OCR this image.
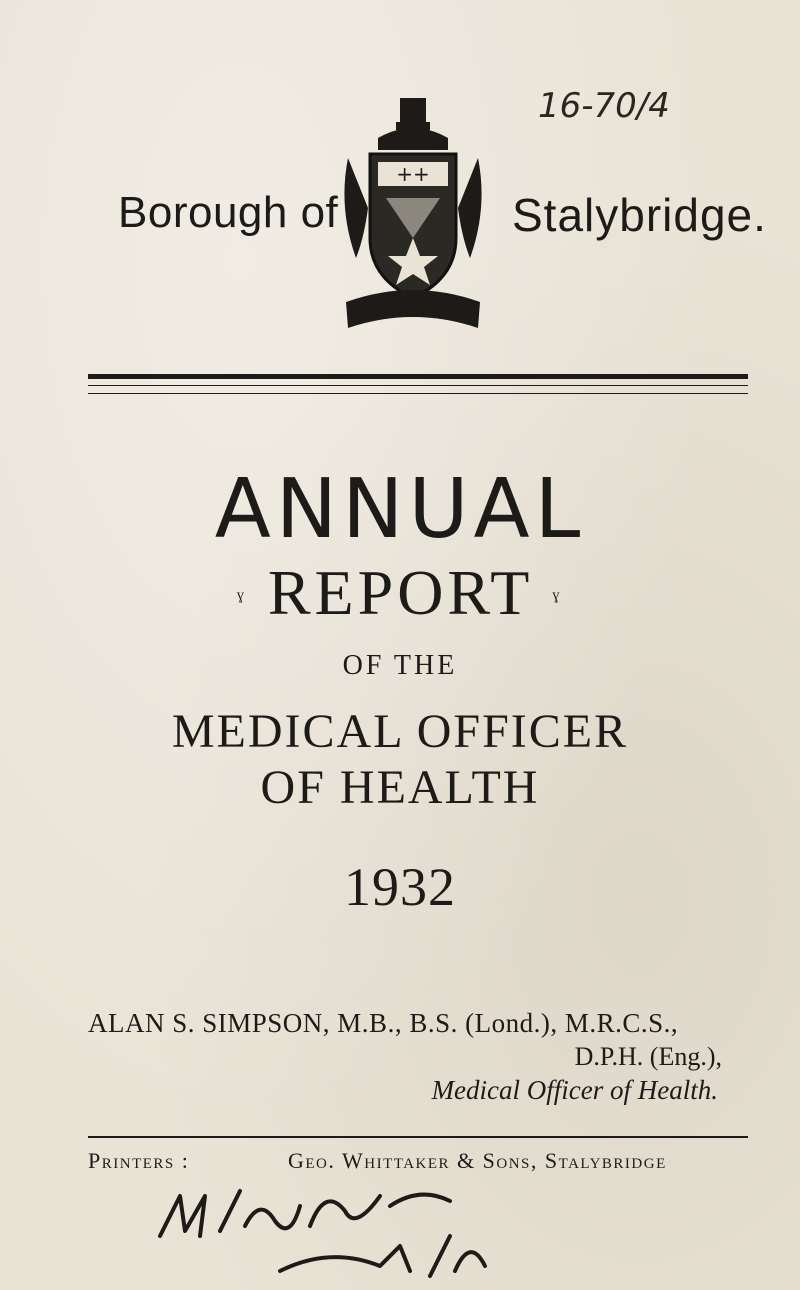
Borough of
++
16-70/4
Stalybridge.
ANNUAL
ˠ REPORT ˠ
OF THE
MEDICAL OFFICER
OF HEALTH
1932
ALAN S. SIMPSON, M.B., B.S. (Lond.), M.R.C.S.,
D.P.H. (Eng.),
Medical Officer of Health.
Printers :	Geo. Whittaker & Sons, Stalybridge
